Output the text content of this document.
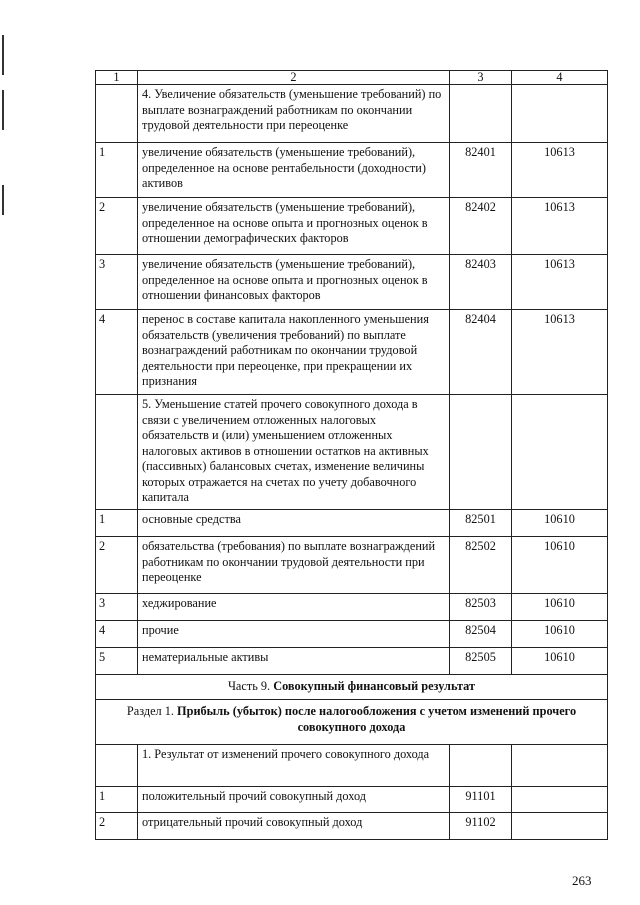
1	2	3	4
	4. Увеличение обязательств (уменьшение требований) по выплате вознаграждений работникам по окончании трудовой деятельности при переоценке		
1	увеличение обязательств (уменьшение требований), определенное на основе рентабельности (доходности) активов	82401	10613
2	увеличение обязательств (уменьшение требований), определенное на основе опыта и прогнозных оценок в отношении демографических факторов	82402	10613
3	увеличение обязательств (уменьшение требований), определенное на основе опыта и прогнозных оценок в отношении финансовых факторов	82403	10613
4	перенос в составе капитала накопленного уменьшения обязательств (увеличения требований) по выплате вознаграждений работникам по окончании трудовой деятельности при переоценке, при прекращении их признания	82404	10613
	5. Уменьшение статей прочего совокупного дохода в связи с увеличением отложенных налоговых обязательств и (или) уменьшением отложенных налоговых активов в отношении остатков на активных (пассивных) балансовых счетах, изменение величины которых отражается на счетах по учету добавочного капитала		
1	основные средства	82501	10610
2	обязательства (требования) по выплате вознаграждений работникам по окончании трудовой деятельности при переоценке	82502	10610
3	хеджирование	82503	10610
4	прочие	82504	10610
5	нематериальные активы	82505	10610
Часть 9. Совокупный финансовый результат			
Раздел 1. Прибыль (убыток) после налогообложения с учетом изменений прочего совокупного дохода			
	1. Результат от изменений прочего совокупного дохода		
1	положительный прочий совокупный доход	91101	
2	отрицательный прочий совокупный доход	91102	
263
